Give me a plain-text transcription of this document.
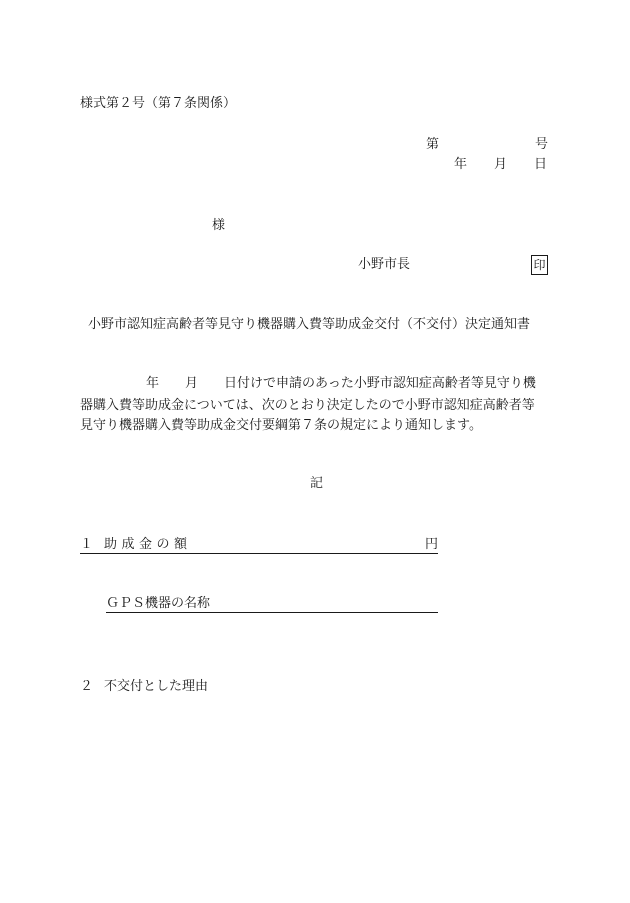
様式第２号（第７条関係）
第	号
年 月 日
様
小野市長	印
小野市認知症高齢者等見守り機器購入費等助成金交付（不交付）決定通知書
年 月 日付けで申請のあった小野市認知症高齢者等見守り機
器購入費等助成金については、次のとおり決定したので小野市認知症高齢者等
見守り機器購入費等助成金交付要綱第７条の規定により通知します。
記
１ 助成金の額	円
ＧＰＳ機器の名称
２ 不交付とした理由
